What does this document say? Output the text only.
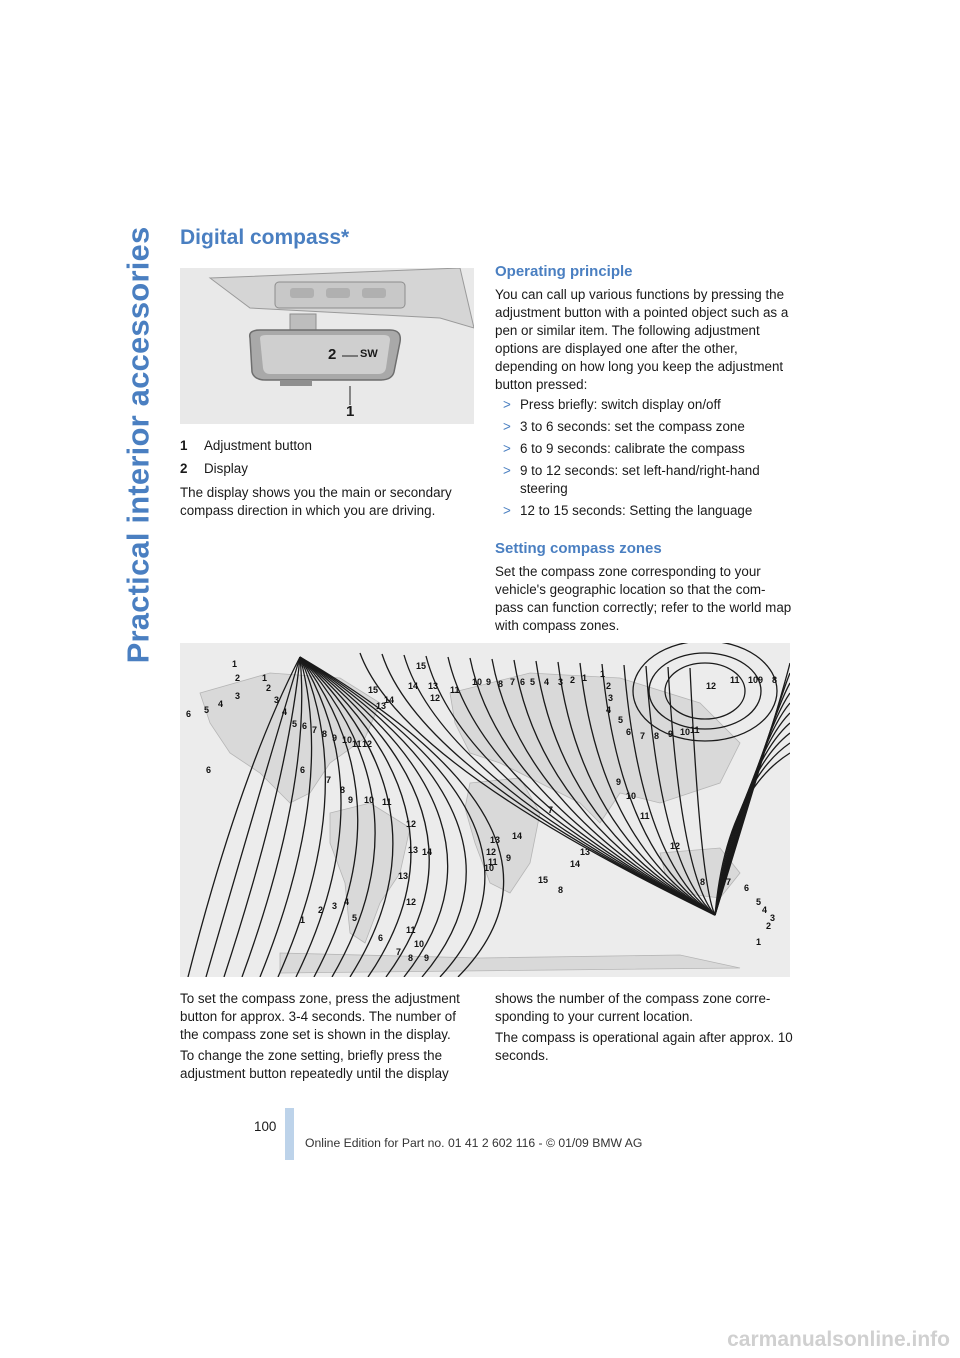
Practical interior accessories Digital compass*
2 SW
1
1 Adjustment button
2 Display

The display shows you the main or secondary compass direction in which you are driving.

Operating principle

You can call up various functions by pressing the adjustment button with a pointed object such as a pen or similar item. The following adjustment options are displayed one after the other, depending on how long you keep the adjustment button pressed:

> Press briefly: switch display on/off
> 3 to 6 seconds: set the compass zone
> 6 to 9 seconds: calibrate the compass
> 9 to 12 seconds: set left-hand/right-hand steering
> 12 to 15 seconds: Setting the language
Setting compass zones

Set the compass zone corresponding to your vehicle's geographic location so that the com-pass can function correctly; refer to the world map with compass zones.

1
1
2
2
3	3
4
5
6	4
5 6 7 8 9 10 11 12
13
14
15
15	14 13
12
11
10 9 8 7 6 5 4 3 2 1 1
2
3
4
5
6 7 8 9 10 11
12
11 10 9 8
6	6
7
8
9 10 11
12
13 14
13
12
11
10
9
8
7
6
5
4
3
2
1
7
8
9
10
11
12
13
14
15
9
10
11
12
13 14
8 7
6
5
4
3
2
1

To set the compass zone, press the adjustment button for approx. 3-4 seconds. The number of the compass zone set is shown in the display.

To change the zone setting, briefly press the adjustment button repeatedly until the display

shows the number of the compass zone corre-sponding to your current location.

The compass is operational again after approx. 10 seconds.

100
Online Edition for Part no. 01 41 2 602 116 - © 01/09 BMW AG
carmanualsonline.info
